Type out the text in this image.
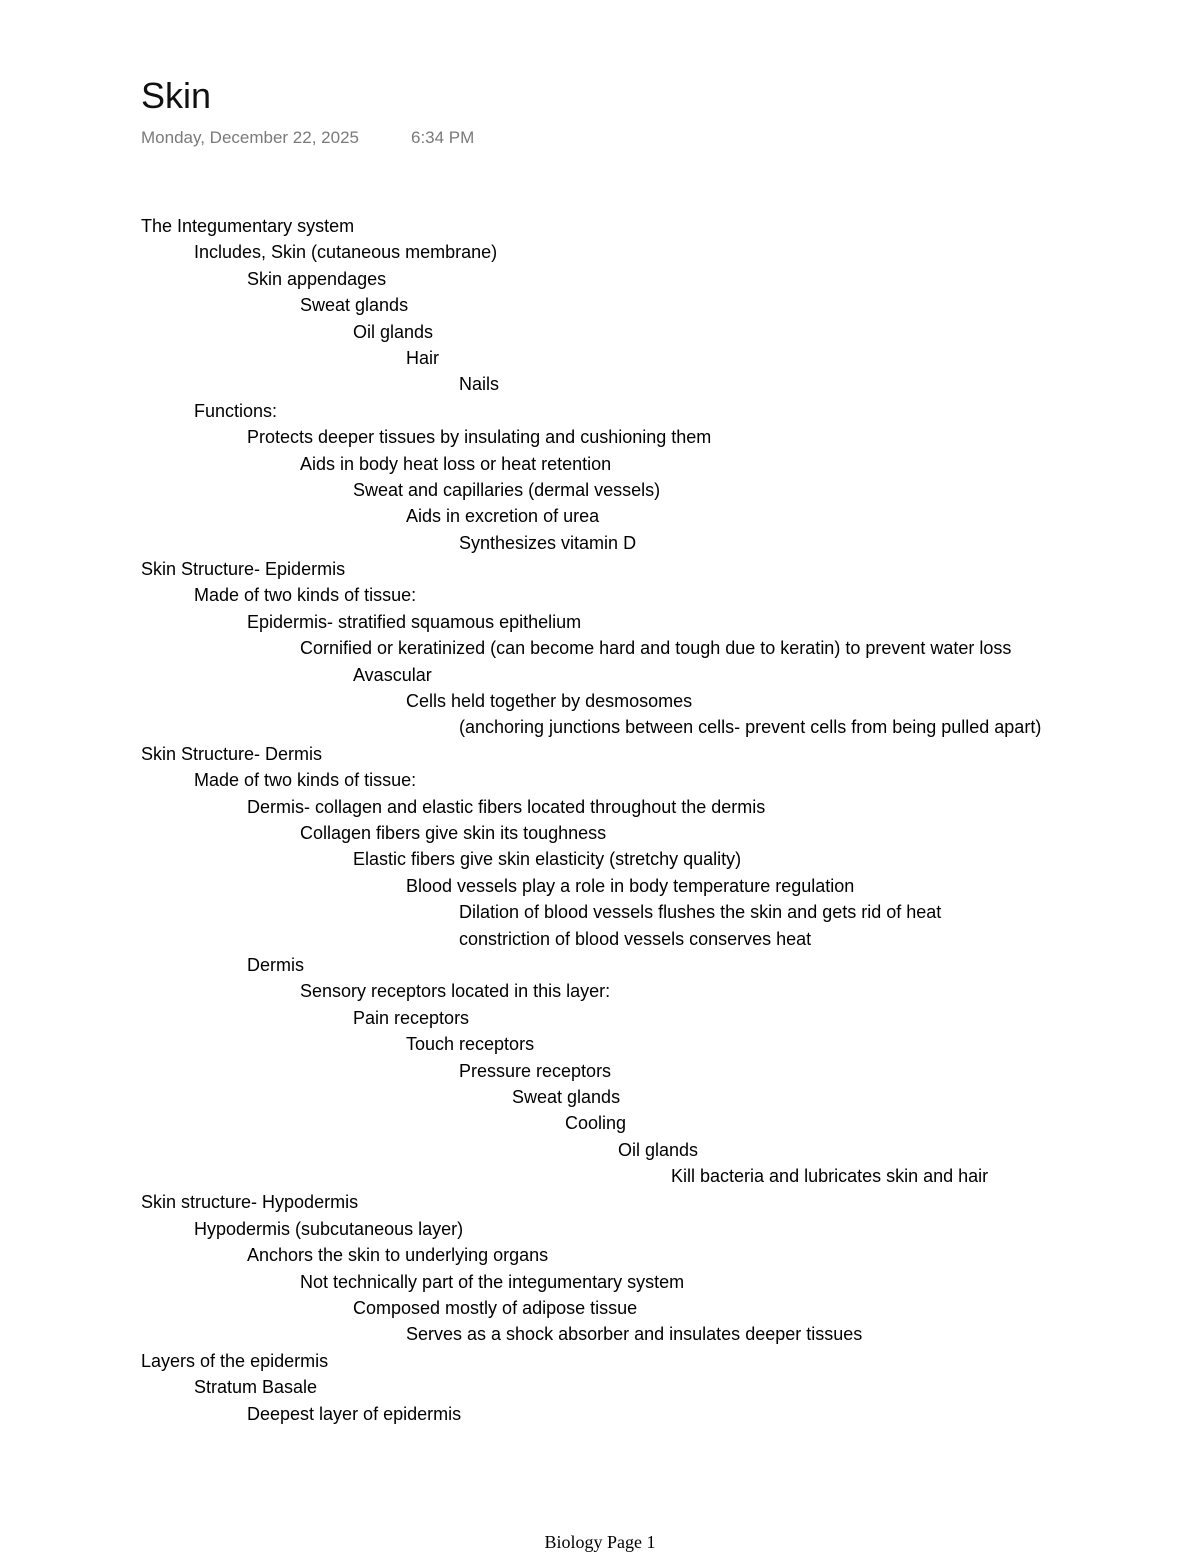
Skin
Monday, December 22, 2025	6:34 PM
The Integumentary system
Includes, Skin (cutaneous membrane)
Skin appendages
Sweat glands
Oil glands
Hair
Nails
Functions:
Protects deeper tissues by insulating and cushioning them
Aids in body heat loss or heat retention
Sweat and capillaries (dermal vessels)
Aids in excretion of urea
Synthesizes vitamin D
Skin Structure- Epidermis
Made of two kinds of tissue:
Epidermis- stratified squamous epithelium
Cornified or keratinized (can become hard and tough due to keratin) to prevent water loss
Avascular
Cells held together by desmosomes
(anchoring junctions between cells- prevent cells from being pulled apart)
Skin Structure- Dermis
Made of two kinds of tissue:
Dermis- collagen and elastic fibers located throughout the dermis
Collagen fibers give skin its toughness
Elastic fibers give skin elasticity (stretchy quality)
Blood vessels play a role in body temperature regulation
Dilation of blood vessels flushes the skin and gets rid of heat
constriction of blood vessels conserves heat
Dermis
Sensory receptors located in this layer:
Pain receptors
Touch receptors
Pressure receptors
Sweat glands
Cooling
Oil glands
Kill bacteria and lubricates skin and hair
Skin structure- Hypodermis
Hypodermis (subcutaneous layer)
Anchors the skin to underlying organs
Not technically part of the integumentary system
Composed mostly of adipose tissue
Serves as a shock absorber and insulates deeper tissues
Layers of the epidermis
Stratum Basale
Deepest layer of epidermis
Biology Page 1
